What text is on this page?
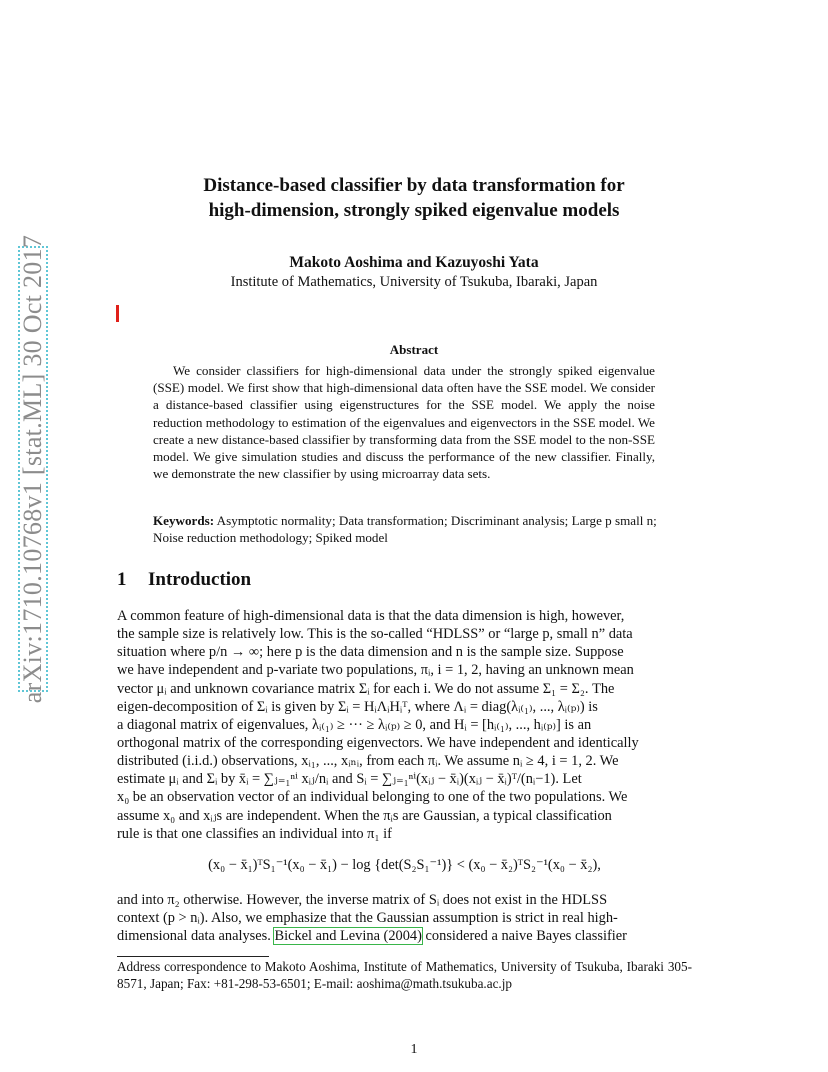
arXiv:1710.10768v1 [stat.ML] 30 Oct 2017
Distance-based classifier by data transformation for
high-dimension, strongly spiked eigenvalue models
Makoto Aoshima and Kazuyoshi Yata
Institute of Mathematics, University of Tsukuba, Ibaraki, Japan
Abstract
We consider classifiers for high-dimensional data under the strongly spiked eigenvalue (SSE) model. We first show that high-dimensional data often have the SSE model. We consider a distance-based classifier using eigenstructures for the SSE model. We apply the noise reduction methodology to estimation of the eigenvalues and eigenvectors in the SSE model. We create a new distance-based classifier by transforming data from the SSE model to the non-SSE model. We give simulation studies and discuss the performance of the new classifier. Finally, we demonstrate the new classifier by using microarray data sets.
Keywords: Asymptotic normality; Data transformation; Discriminant analysis; Large p small n; Noise reduction methodology; Spiked model
1 Introduction
A common feature of high-dimensional data is that the data dimension is high, however,
the sample size is relatively low. This is the so-called “HDLSS” or “large p, small n” data
situation where p/n → ∞; here p is the data dimension and n is the sample size. Suppose
we have independent and p-variate two populations, πᵢ, i = 1, 2, having an unknown mean
vector μᵢ and unknown covariance matrix Σᵢ for each i. We do not assume Σ₁ = Σ₂. The
eigen-decomposition of Σᵢ is given by Σᵢ = HᵢΛᵢHᵢᵀ, where Λᵢ = diag(λᵢ₍₁₎, ..., λᵢ₍ₚ₎) is
a diagonal matrix of eigenvalues, λᵢ₍₁₎ ≥ ··· ≥ λᵢ₍ₚ₎ ≥ 0, and Hᵢ = [hᵢ₍₁₎, ..., hᵢ₍ₚ₎] is an
orthogonal matrix of the corresponding eigenvectors. We have independent and identically
distributed (i.i.d.) observations, xᵢ₁, ..., xᵢₙᵢ, from each πᵢ. We assume nᵢ ≥ 4, i = 1, 2. We
estimate μᵢ and Σᵢ by x̄ᵢ = ∑ⱼ₌₁ⁿⁱ xᵢⱼ/nᵢ and Sᵢ = ∑ⱼ₌₁ⁿⁱ(xᵢⱼ − x̄ᵢ)(xᵢⱼ − x̄ᵢ)ᵀ/(nᵢ−1). Let
x₀ be an observation vector of an individual belonging to one of the two populations. We
assume x₀ and xᵢⱼs are independent. When the πᵢs are Gaussian, a typical classification
rule is that one classifies an individual into π₁ if
(x₀ − x̄₁)ᵀS₁⁻¹(x₀ − x̄₁) − log {det(S₂S₁⁻¹)} < (x₀ − x̄₂)ᵀS₂⁻¹(x₀ − x̄₂),
and into π₂ otherwise. However, the inverse matrix of Sᵢ does not exist in the HDLSS
context (p > nᵢ). Also, we emphasize that the Gaussian assumption is strict in real high-
dimensional data analyses. Bickel and Levina (2004) considered a naive Bayes classifier
Address correspondence to Makoto Aoshima, Institute of Mathematics, University of Tsukuba, Ibaraki 305-8571, Japan; Fax: +81-298-53-6501; E-mail: aoshima@math.tsukuba.ac.jp
1
